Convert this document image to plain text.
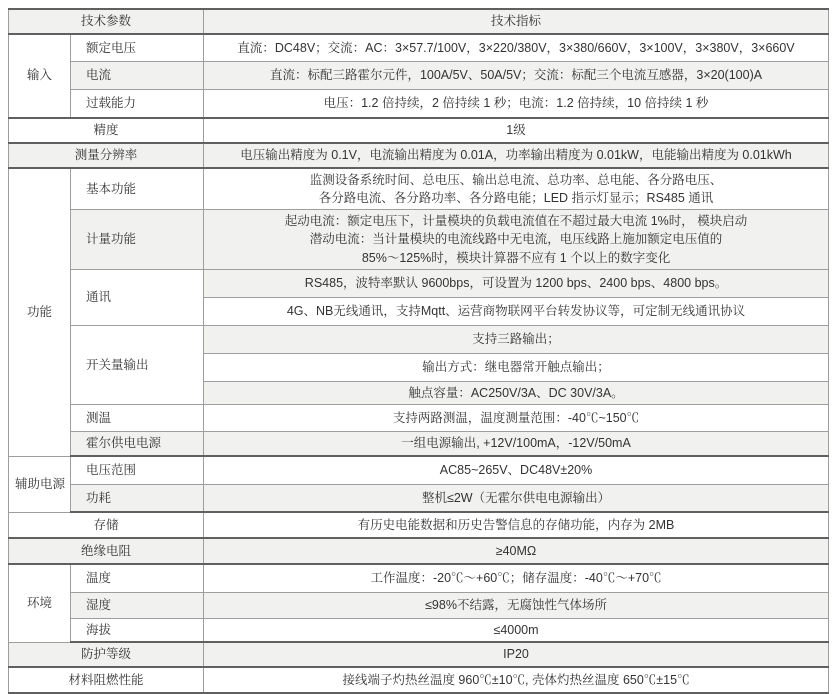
技术参数		技术指标
输入	额定电压	直流：DC48V；交流：AC：3×57.7/100V，3×220/380V，3×380/660V，3×100V，3×380V，3×660V
	电流	直流：标配三路霍尔元件，100A/5V、50A/5V；交流：标配三个电流互感器，3×20(100)A
	过载能力	电压：1.2 倍持续，2 倍持续 1 秒；电流：1.2 倍持续，10 倍持续 1 秒
精度		1级
测量分辨率		电压输出精度为 0.1V，电流输出精度为 0.01A，功率输出精度为 0.01kW，电能输出精度为 0.01kWh
功能	基本功能	监测设备系统时间、总电压、输出总电流、总功率、总电能、各分路电压、
各分路电流、各分路功率、各分路电能；LED 指示灯显示；RS485 通讯

	计量功能	起动电流：额定电压下，计量模块的负载电流值在不超过最大电流 1%时， 模块启动
潜动电流：当计量模块的电流线路中无电流，电压线路上施加额定电压值的
85%～125%时，模块计算器不应有 1 个以上的数字变化

	通讯	RS485，波特率默认 9600bps，可设置为 1200 bps、2400 bps、4800 bps。
		4G、NB无线通讯，支持Mqtt、运营商物联网平台转发协议等，可定制无线通讯协议
	开关量输出	支持三路输出；
		输出方式：继电器常开触点输出；
		触点容量：AC250V/3A、DC 30V/3A。
	测温	支持两路测温，温度测量范围：-40℃~150℃
	霍尔供电电源	一组电源输出, +12V/100mA，-12V/50mA
辅助电源	电压范围	AC85~265V、DC48V±20%
	功耗	整机≤2W（无霍尔供电电源输出）
存储		有历史电能数据和历史告警信息的存储功能，内存为 2MB
绝缘电阻		≥40MΩ
环境	温度	工作温度：-20℃～+60℃；储存温度：-40℃～+70℃
	湿度	≤98%不结露，无腐蚀性气体场所
	海拔	≤4000m
防护等级		IP20
材料阻燃性能		接线端子灼热丝温度 960℃±10℃, 壳体灼热丝温度 650℃±15℃
